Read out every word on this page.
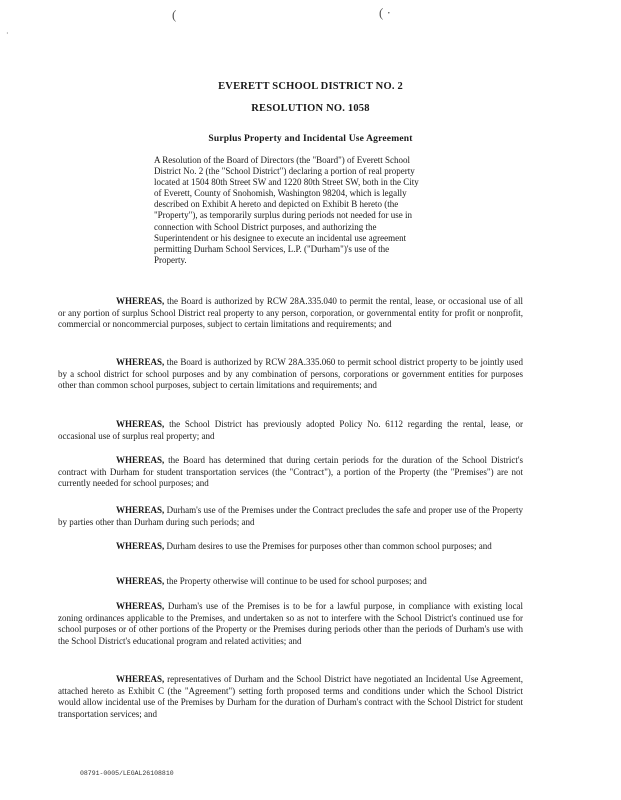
(	( ·
·
EVERETT SCHOOL DISTRICT NO. 2
RESOLUTION NO. 1058
Surplus Property and Incidental Use Agreement

A Resolution of the Board of Directors (the "Board") of Everett School District No. 2 (the "School District") declaring a portion of real property located at 1504 80th Street SW and 1220 80th Street SW, both in the City of Everett, County of Snohomish, Washington 98204, which is legally described on Exhibit A hereto and depicted on Exhibit B hereto (the "Property"), as temporarily surplus during periods not needed for use in connection with School District purposes, and authorizing the Superintendent or his designee to execute an incidental use agreement permitting Durham School Services, L.P. ("Durham")'s use of the Property.

WHEREAS, the Board is authorized by RCW 28A.335.040 to permit the rental, lease, or occasional use of all or any portion of surplus School District real property to any person, corporation, or governmental entity for profit or nonprofit, commercial or noncommercial purposes, subject to certain limitations and requirements; and

WHEREAS, the Board is authorized by RCW 28A.335.060 to permit school district property to be jointly used by a school district for school purposes and by any combination of persons, corporations or government entities for purposes other than common school purposes, subject to certain limitations and requirements; and

WHEREAS, the School District has previously adopted Policy No. 6112 regarding the rental, lease, or occasional use of surplus real property; and

WHEREAS, the Board has determined that during certain periods for the duration of the School District's contract with Durham for student transportation services (the "Contract"), a portion of the Property (the "Premises") are not currently needed for school purposes; and

WHEREAS, Durham's use of the Premises under the Contract precludes the safe and proper use of the Property by parties other than Durham during such periods; and

WHEREAS, Durham desires to use the Premises for purposes other than common school purposes; and

WHEREAS, the Property otherwise will continue to be used for school purposes; and

WHEREAS, Durham's use of the Premises is to be for a lawful purpose, in compliance with existing local zoning ordinances applicable to the Premises, and undertaken so as not to interfere with the School District's continued use for school purposes or of other portions of the Property or the Premises during periods other than the periods of Durham's use with the School District's educational program and related activities; and

WHEREAS, representatives of Durham and the School District have negotiated an Incidental Use Agreement, attached hereto as Exhibit C (the "Agreement") setting forth proposed terms and conditions under which the School District would allow incidental use of the Premises by Durham for the duration of Durham's contract with the School District for student transportation services; and

08791-0005/LEGAL26108810
